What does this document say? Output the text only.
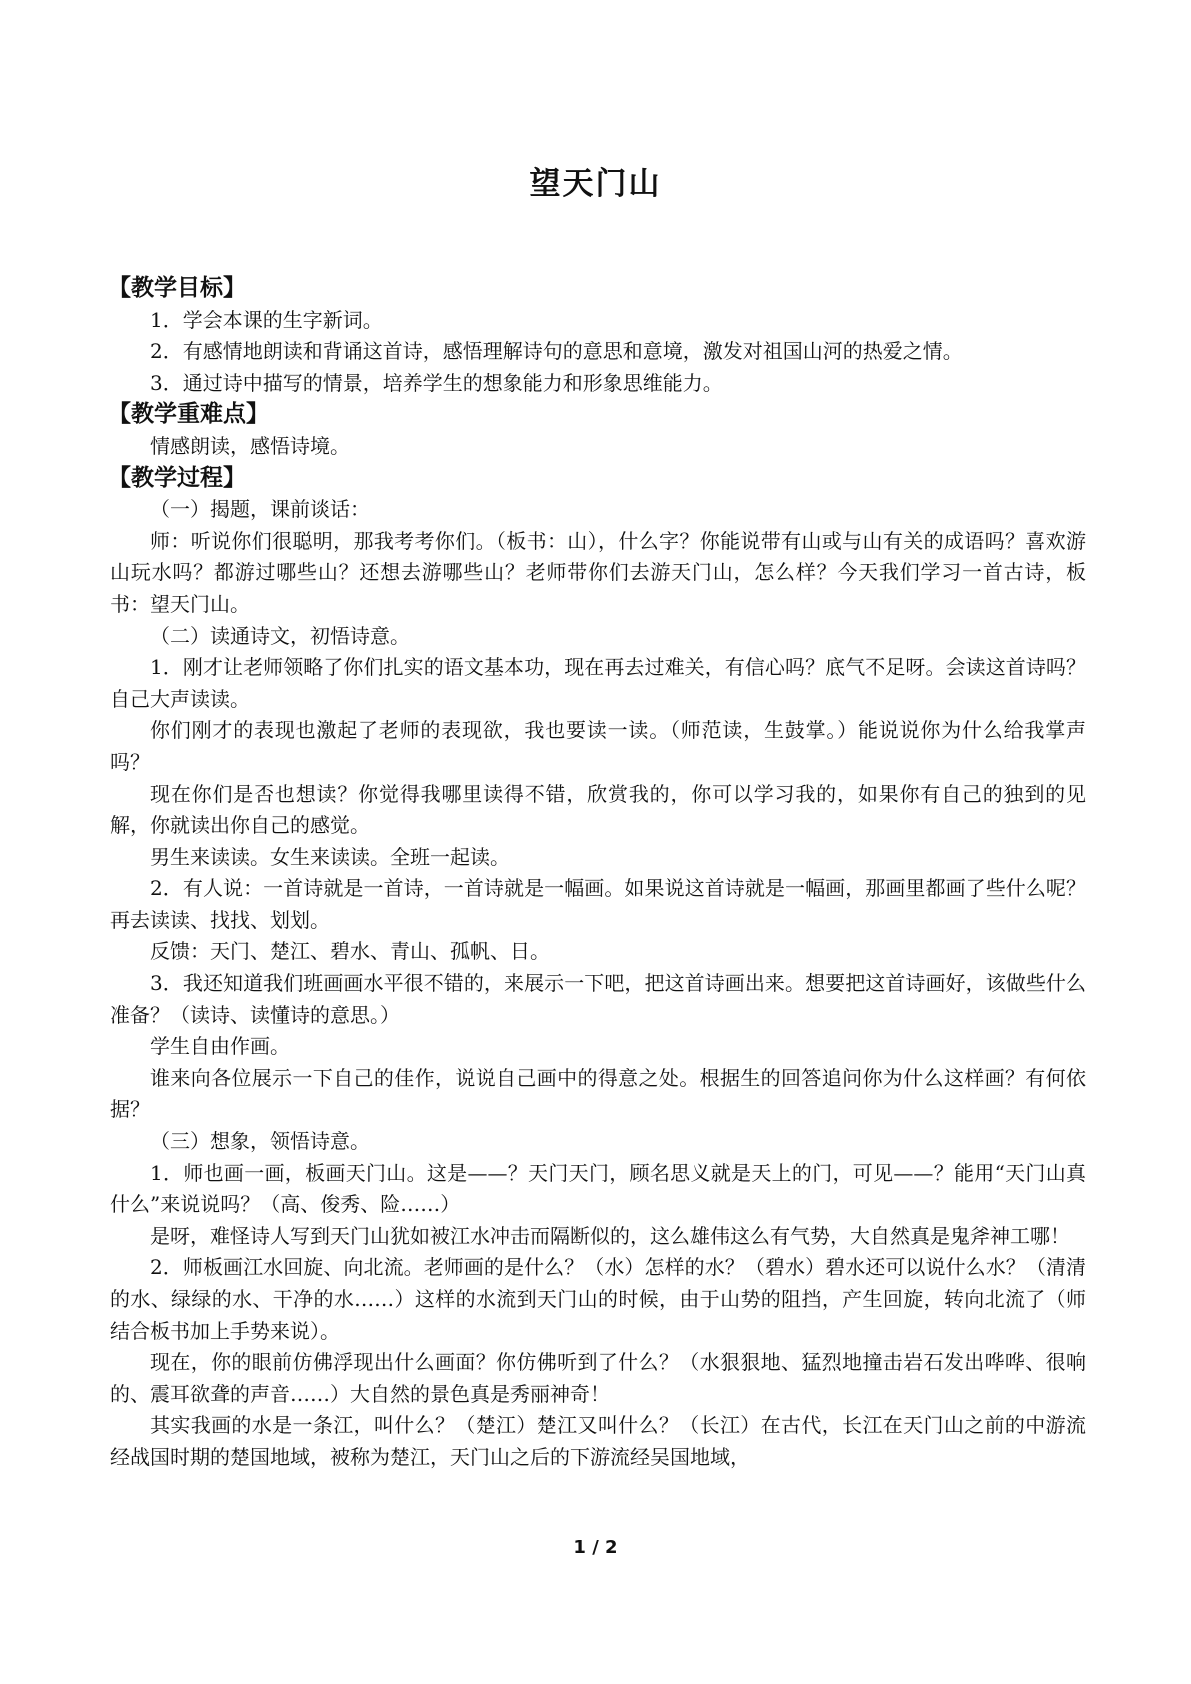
望天门山
【教学目标】

1．学会本课的生字新词。

2．有感情地朗读和背诵这首诗，感悟理解诗句的意思和意境，激发对祖国山河的热爱之情。

3．通过诗中描写的情景，培养学生的想象能力和形象思维能力。

【教学重难点】

情感朗读，感悟诗境。

【教学过程】

（一）揭题，课前谈话：

师：听说你们很聪明，那我考考你们。（板书：山），什么字？你能说带有山或与山有关的成语吗？喜欢游山玩水吗？都游过哪些山？还想去游哪些山？老师带你们去游天门山，怎么样？今天我们学习一首古诗，板书：望天门山。

（二）读通诗文，初悟诗意。

1．刚才让老师领略了你们扎实的语文基本功，现在再去过难关，有信心吗？底气不足呀。会读这首诗吗？自己大声读读。

你们刚才的表现也激起了老师的表现欲，我也要读一读。（师范读，生鼓掌。）能说说你为什么给我掌声吗？

现在你们是否也想读？你觉得我哪里读得不错，欣赏我的，你可以学习我的，如果你有自己的独到的见解，你就读出你自己的感觉。

男生来读读。女生来读读。全班一起读。

2．有人说：一首诗就是一首诗，一首诗就是一幅画。如果说这首诗就是一幅画，那画里都画了些什么呢？再去读读、找找、划划。

反馈：天门、楚江、碧水、青山、孤帆、日。

3．我还知道我们班画画水平很不错的，来展示一下吧，把这首诗画出来。想要把这首诗画好，该做些什么准备？（读诗、读懂诗的意思。）

学生自由作画。

谁来向各位展示一下自己的佳作，说说自己画中的得意之处。根据生的回答追问你为什么这样画？有何依据？

（三）想象，领悟诗意。

1．师也画一画，板画天门山。这是——？天门天门，顾名思义就是天上的门，可见——？能用“天门山真什么”来说说吗？（高、俊秀、险……）

是呀，难怪诗人写到天门山犹如被江水冲击而隔断似的，这么雄伟这么有气势，大自然真是鬼斧神工哪！

2．师板画江水回旋、向北流。老师画的是什么？（水）怎样的水？（碧水）碧水还可以说什么水？（清清的水、绿绿的水、干净的水……）这样的水流到天门山的时候，由于山势的阻挡，产生回旋，转向北流了（师结合板书加上手势来说）。

现在，你的眼前仿佛浮现出什么画面？你仿佛听到了什么？（水狠狠地、猛烈地撞击岩石发出哗哗、很响的、震耳欲聋的声音……）大自然的景色真是秀丽神奇！

其实我画的水是一条江，叫什么？（楚江）楚江又叫什么？（长江）在古代，长江在天门山之前的中游流经战国时期的楚国地域，被称为楚江，天门山之后的下游流经吴国地域，

1 / 2
